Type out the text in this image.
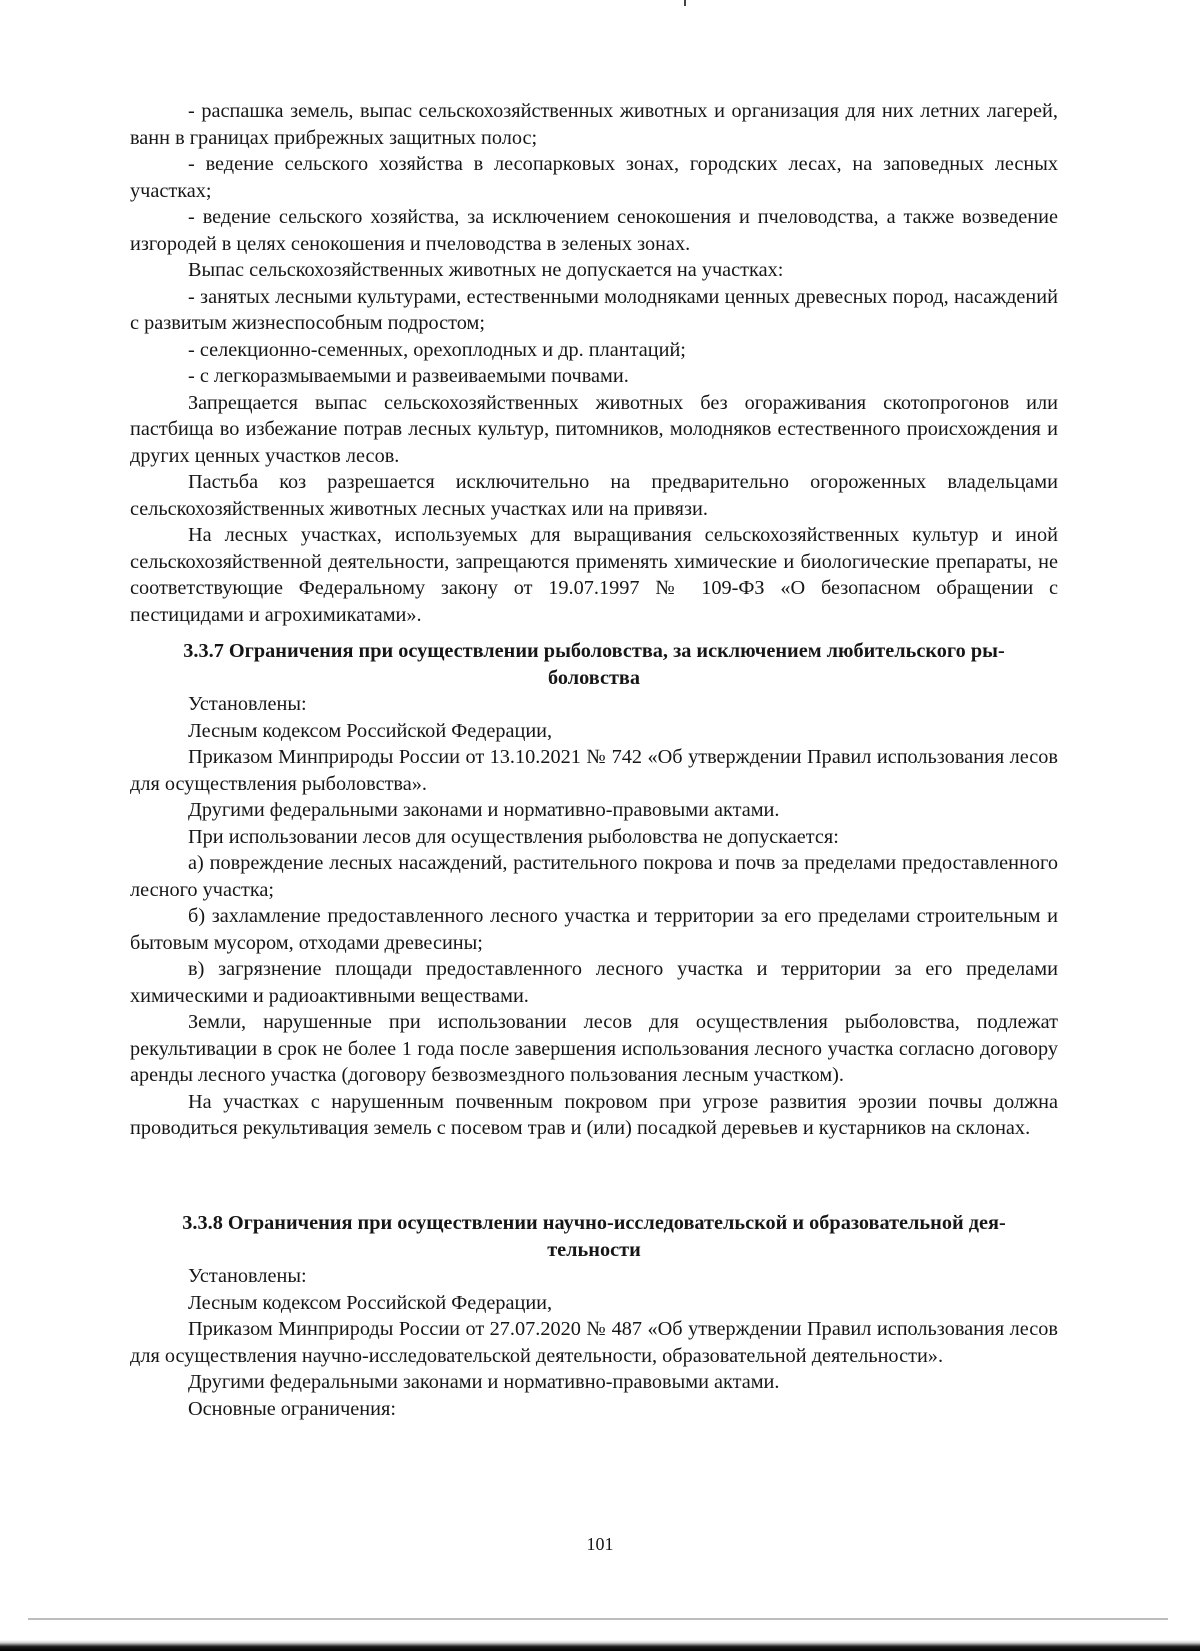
- распашка земель, выпас сельскохозяйственных животных и организация для них летних лагерей, ванн в границах прибрежных защитных полос;

- ведение сельского хозяйства в лесопарковых зонах, городских лесах, на заповедных лесных участках;

- ведение сельского хозяйства, за исключением сенокошения и пчеловодства, а также возведение изгородей в целях сенокошения и пчеловодства в зеленых зонах.

Выпас сельскохозяйственных животных не допускается на участках:

- занятых лесными культурами, естественными молодняками ценных древесных пород, насаждений с развитым жизнеспособным подростом;

- селекционно-семенных, орехоплодных и др. плантаций;

- с легкоразмываемыми и развеиваемыми почвами.

Запрещается выпас сельскохозяйственных животных без огораживания скотопрогонов или пастбища во избежание потрав лесных культур, питомников, молодняков естественного происхождения и других ценных участков лесов.

Пастьба коз разрешается исключительно на предварительно огороженных владельцами сельскохозяйственных животных лесных участках или на привязи.

На лесных участках, используемых для выращивания сельскохозяйственных культур и иной сельскохозяйственной деятельности, запрещаются применять химические и биологические препараты, не соответствующие Федеральному закону от 19.07.1997 № 109-ФЗ «О безопасном обращении с пестицидами и агрохимикатами».

3.3.7 Ограничения при осуществлении рыболовства, за исключением любительского ры-
боловства

Установлены:

Лесным кодексом Российской Федерации,

Приказом Минприроды России от 13.10.2021 № 742 «Об утверждении Правил использования лесов для осуществления рыболовства».

Другими федеральными законами и нормативно-правовыми актами.

При использовании лесов для осуществления рыболовства не допускается:

а) повреждение лесных насаждений, растительного покрова и почв за пределами предоставленного лесного участка;

б) захламление предоставленного лесного участка и территории за его пределами строительным и бытовым мусором, отходами древесины;

в) загрязнение площади предоставленного лесного участка и территории за его пределами химическими и радиоактивными веществами.

Земли, нарушенные при использовании лесов для осуществления рыболовства, подлежат рекультивации в срок не более 1 года после завершения использования лесного участка согласно договору аренды лесного участка (договору безвозмездного пользования лесным участком).

На участках с нарушенным почвенным покровом при угрозе развития эрозии почвы должна проводиться рекультивация земель с посевом трав и (или) посадкой деревьев и кустарников на склонах.

3.3.8 Ограничения при осуществлении научно-исследовательской и образовательной дея-
тельности

Установлены:

Лесным кодексом Российской Федерации,

Приказом Минприроды России от 27.07.2020 № 487 «Об утверждении Правил использования лесов для осуществления научно-исследовательской деятельности, образовательной деятельности».

Другими федеральными законами и нормативно-правовыми актами.

Основные ограничения:

101
